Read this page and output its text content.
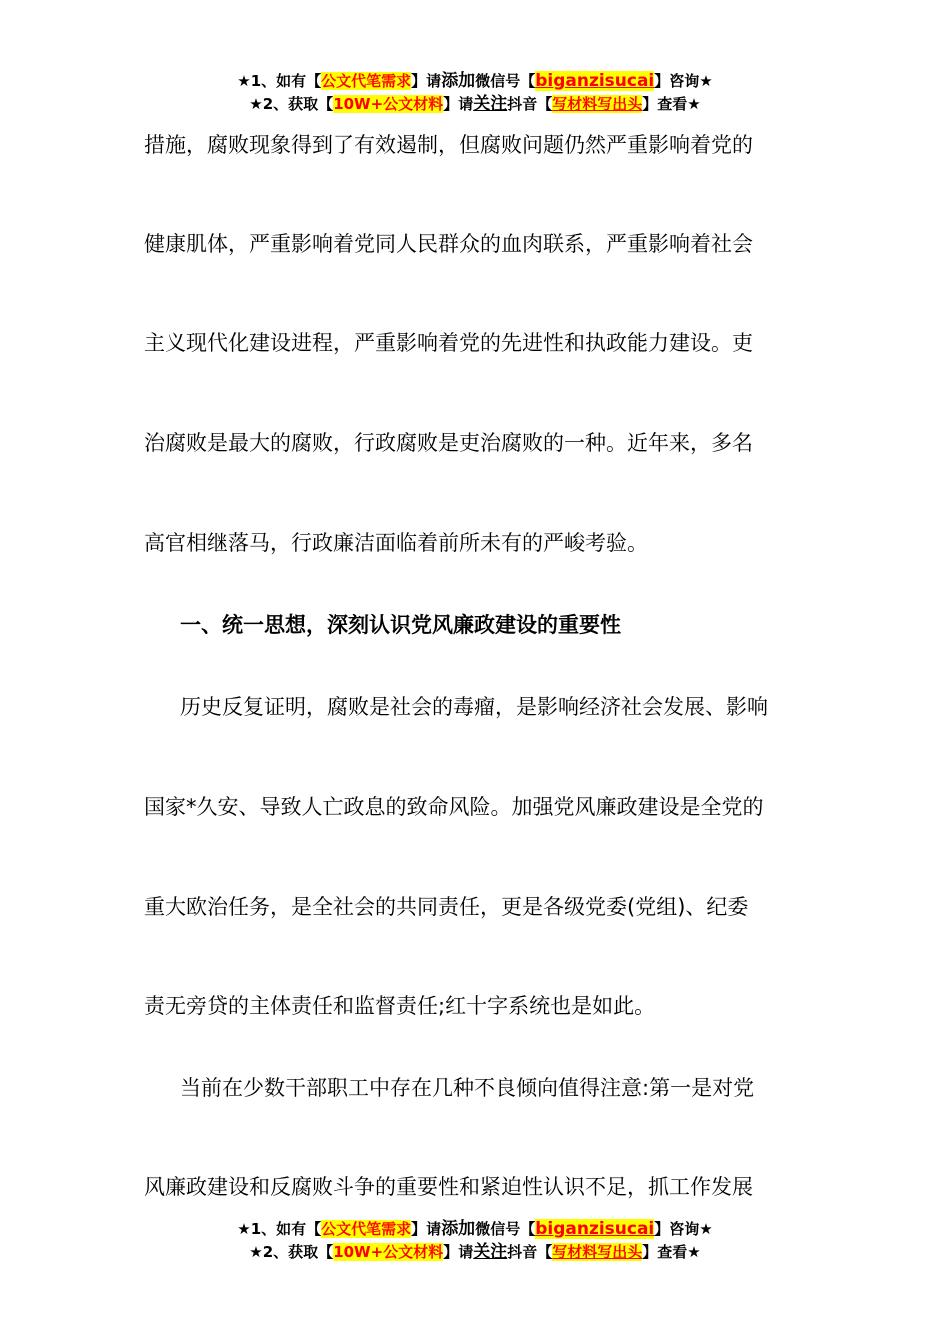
★1、如有【公文代笔需求】请添加微信号【biganzisucai】咨询★
★2、获取【10W+公文材料】请关注抖音【写材料写出头】查看★
措施，腐败现象得到了有效遏制，但腐败问题仍然严重影响着党的
健康肌体，严重影响着党同人民群众的血肉联系，严重影响着社会
主义现代化建设进程，严重影响着党的先进性和执政能力建设。吏
治腐败是最大的腐败，行政腐败是吏治腐败的一种。近年来，多名
高官相继落马，行政廉洁面临着前所未有的严峻考验。
一、统一思想，深刻认识党风廉政建设的重要性
历史反复证明，腐败是社会的毒瘤，是影响经济社会发展、影响
国家*久安、导致人亡政息的致命风险。加强党风廉政建设是全党的
重大欧治任务，是全社会的共同责任，更是各级党委(党组)、纪委
责无旁贷的主体责任和监督责任;红十字系统也是如此。
当前在少数干部职工中存在几种不良倾向值得注意:第一是对党
风廉政建设和反腐败斗争的重要性和紧迫性认识不足，抓工作发展
★1、如有【公文代笔需求】请添加微信号【biganzisucai】咨询★
★2、获取【10W+公文材料】请关注抖音【写材料写出头】查看★
